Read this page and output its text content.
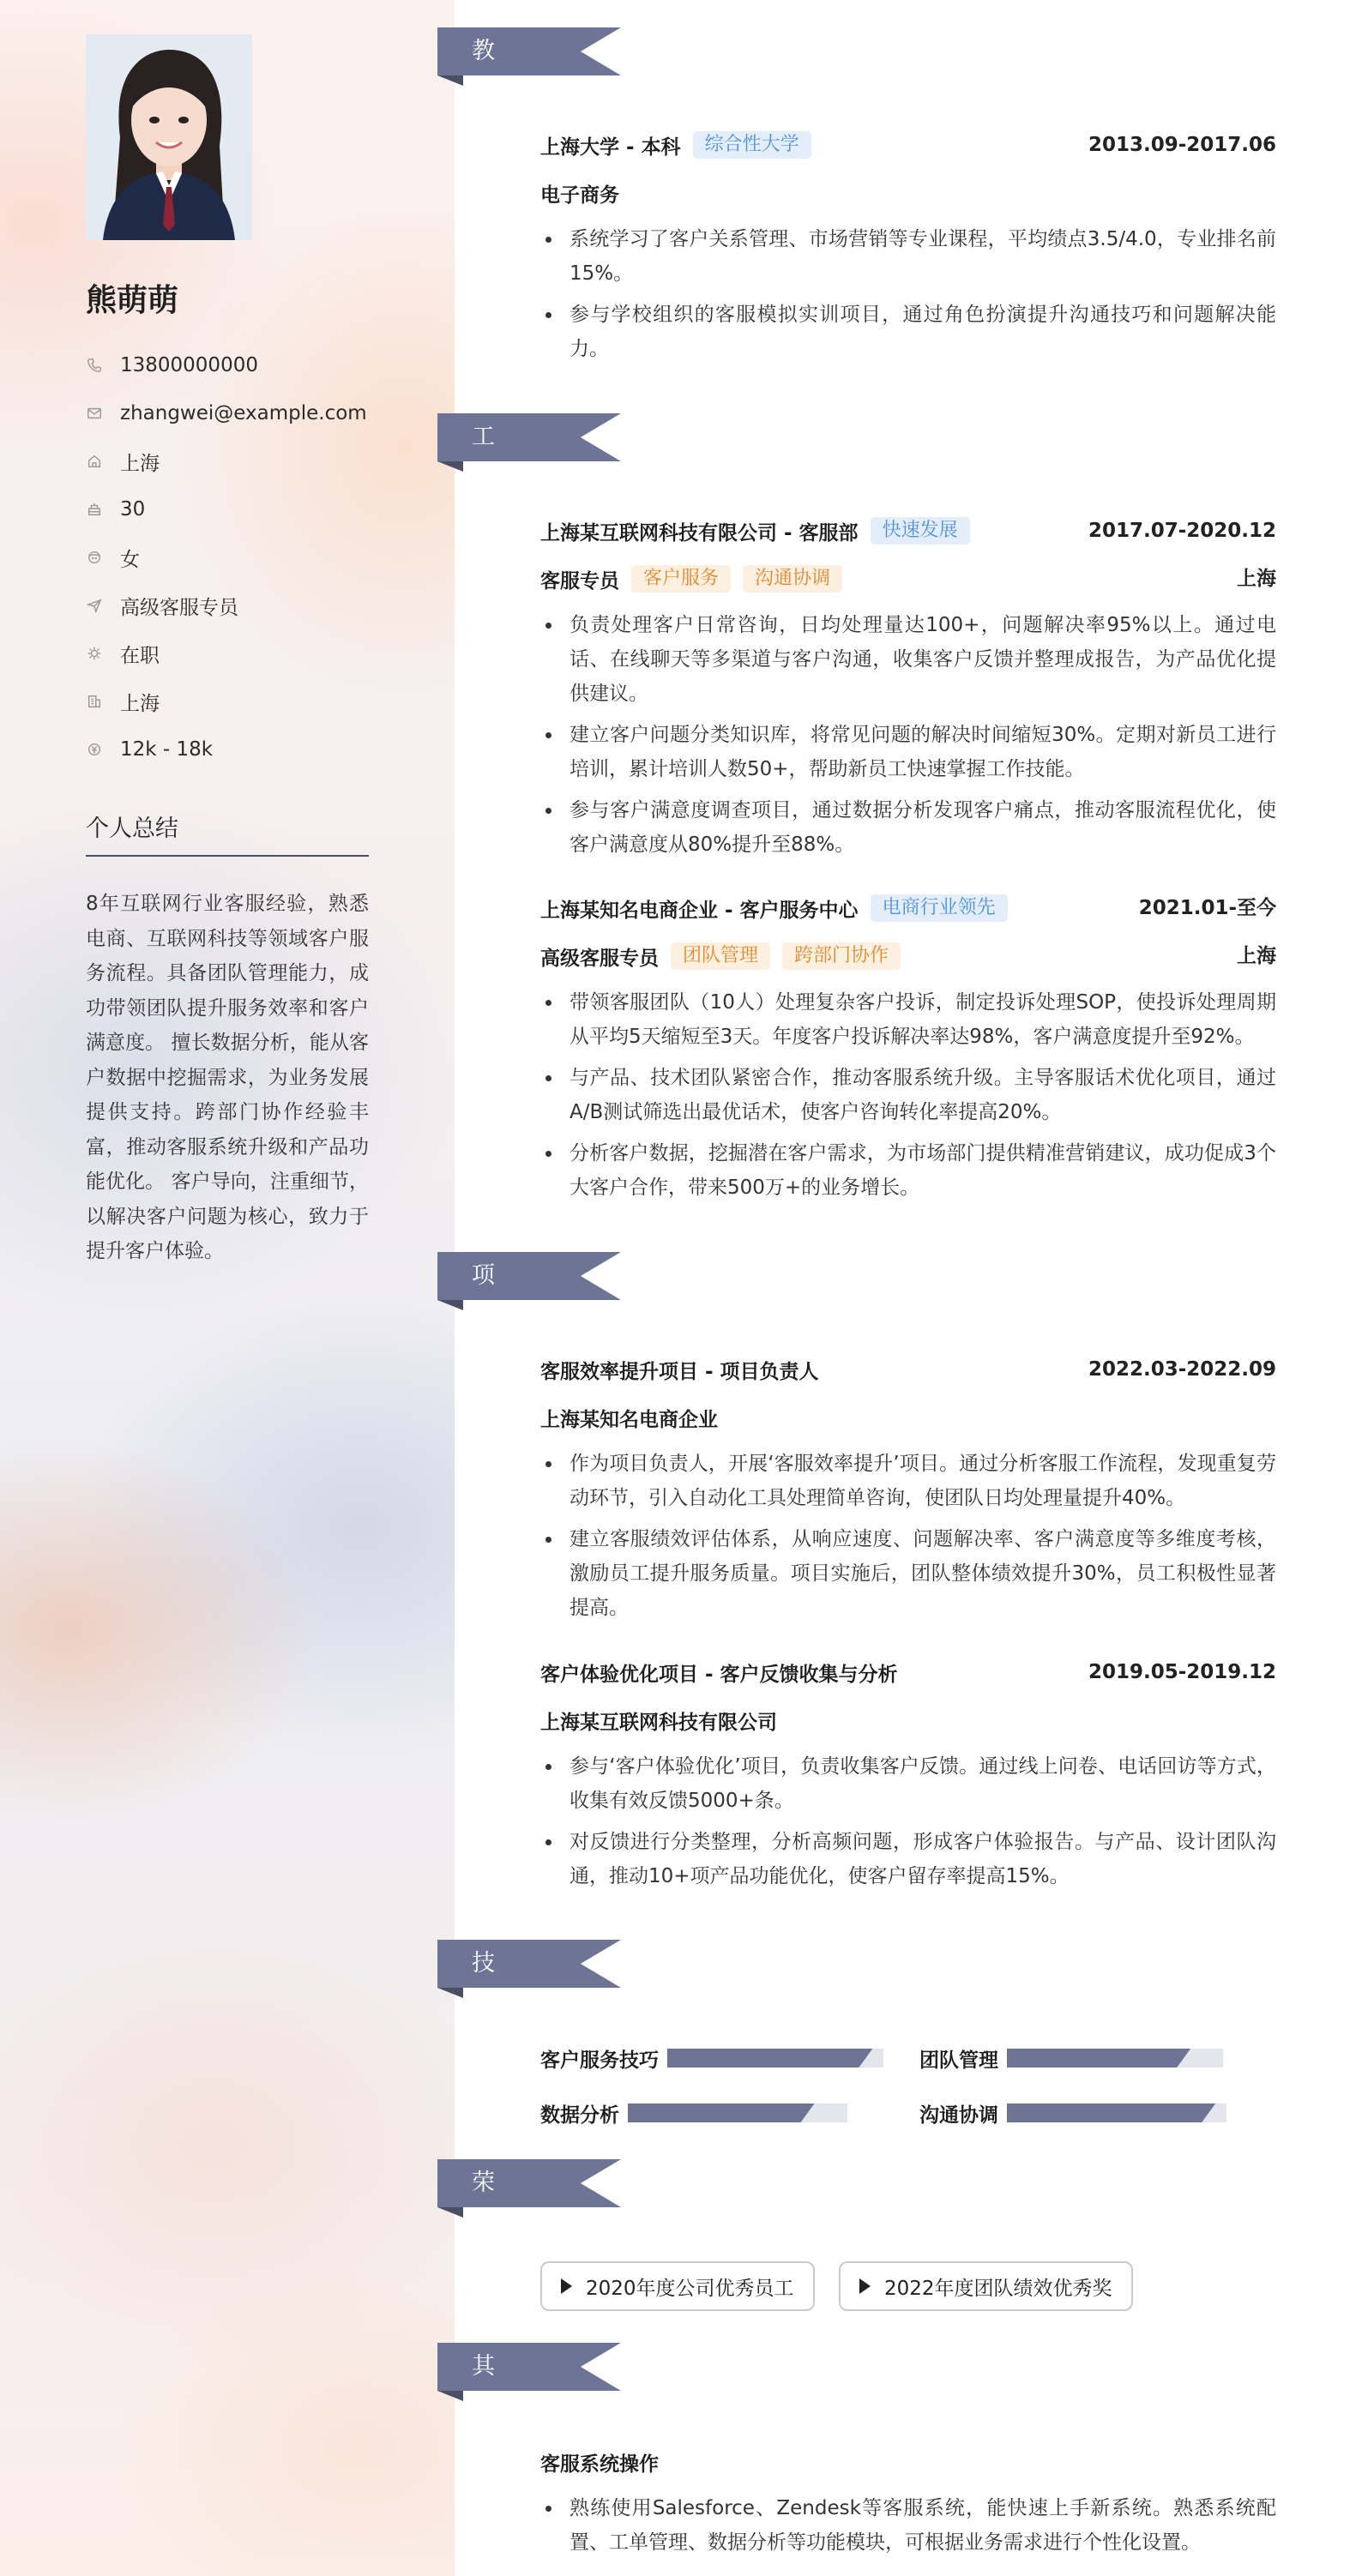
熊萌萌
13800000000
zhangwei@example.com
上海
30
女
高级客服专员
在职
上海
12k - 18k
个人总结
8年互联网行业客服经验，熟悉电商、互联网科技等领域客户服务流程。具备团队管理能力，成功带领团队提升服务效率和客户满意度。 擅长数据分析，能从客户数据中挖掘需求，为业务发展提供支持。跨部门协作经验丰富，推动客服系统升级和产品功能优化。 客户导向，注重细节，以解决客户问题为核心，致力于提升客户体验。
教育经历
上海大学 - 本科	综合性大学	2013.09-2017.06
电子商务
系统学习了客户关系管理、市场营销等专业课程，平均绩点3.5/4.0，专业排名前15%。
参与学校组织的客服模拟实训项目，通过角色扮演提升沟通技巧和问题解决能力。
工作经历
上海某互联网科技有限公司 - 客服部	快速发展	2017.07-2020.12
客服专员	客户服务	沟通协调	上海
负责处理客户日常咨询，日均处理量达100+，问题解决率95%以上。通过电话、在线聊天等多渠道与客户沟通，收集客户反馈并整理成报告，为产品优化提供建议。
建立客户问题分类知识库，将常见问题的解决时间缩短30%。定期对新员工进行培训，累计培训人数50+，帮助新员工快速掌握工作技能。
参与客户满意度调查项目，通过数据分析发现客户痛点，推动客服流程优化，使客户满意度从80%提升至88%。
上海某知名电商企业 - 客户服务中心	电商行业领先	2021.01-至今
高级客服专员	团队管理	跨部门协作	上海
带领客服团队（10人）处理复杂客户投诉，制定投诉处理SOP，使投诉处理周期从平均5天缩短至3天。年度客户投诉解决率达98%，客户满意度提升至92%。
与产品、技术团队紧密合作，推动客服系统升级。主导客服话术优化项目，通过A/B测试筛选出最优话术，使客户咨询转化率提高20%。
分析客户数据，挖掘潜在客户需求，为市场部门提供精准营销建议，成功促成3个大客户合作，带来500万+的业务增长。
项目经历
客服效率提升项目 - 项目负责人	2022.03-2022.09
上海某知名电商企业
作为项目负责人，开展‘客服效率提升’项目。通过分析客服工作流程，发现重复劳动环节，引入自动化工具处理简单咨询，使团队日均处理量提升40%。
建立客服绩效评估体系，从响应速度、问题解决率、客户满意度等多维度考核，激励员工提升服务质量。项目实施后，团队整体绩效提升30%，员工积极性显著提高。
客户体验优化项目 - 客户反馈收集与分析	2019.05-2019.12
上海某互联网科技有限公司
参与‘客户体验优化’项目，负责收集客户反馈。通过线上问卷、电话回访等方式，收集有效反馈5000+条。
对反馈进行分类整理，分析高频问题，形成客户体验报告。与产品、设计团队沟通，推动10+项产品功能优化，使客户留存率提高15%。
技能专长
客户服务技巧	团队管理
数据分析	沟通协调
荣誉奖项
2020年度公司优秀员工	2022年度团队绩效优秀奖
其他信息
客服系统操作
熟练使用Salesforce、Zendesk等客服系统，能快速上手新系统。熟悉系统配置、工单管理、数据分析等功能模块，可根据业务需求进行个性化设置。
